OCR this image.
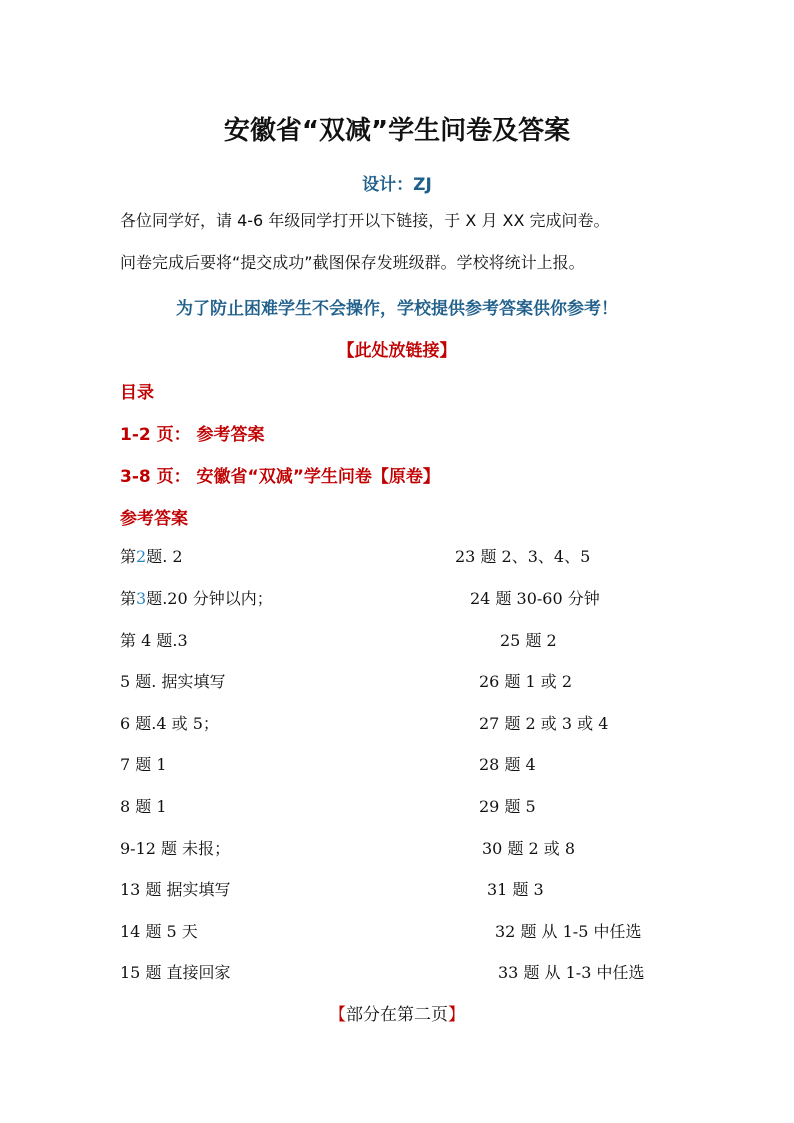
安徽省“双减”学生问卷及答案
设计：ZJ
各位同学好，请 4-6 年级同学打开以下链接，于 X 月 XX 完成问卷。
问卷完成后要将“提交成功”截图保存发班级群。学校将统计上报。
为了防止困难学生不会操作，学校提供参考答案供你参考！
【此处放链接】
目录
1-2 页： 参考答案
3-8 页： 安徽省“双减”学生问卷【原卷】
参考答案
第2题. 2
第3题.20 分钟以内；
第 4 题.3
5 题. 据实填写
6 题.4 或 5；
7 题 1
8 题 1
9-12 题 未报；
13 题 据实填写
14 题 5 天
15 题 直接回家
23 题 2、3、4、5
24 题 30-60 分钟
25 题 2
26 题 1 或 2
27 题 2 或 3 或 4
28 题 4
29 题 5
30 题 2 或 8
31 题 3
32 题 从 1-5 中任选
33 题 从 1-3 中任选
【部分在第二页】
